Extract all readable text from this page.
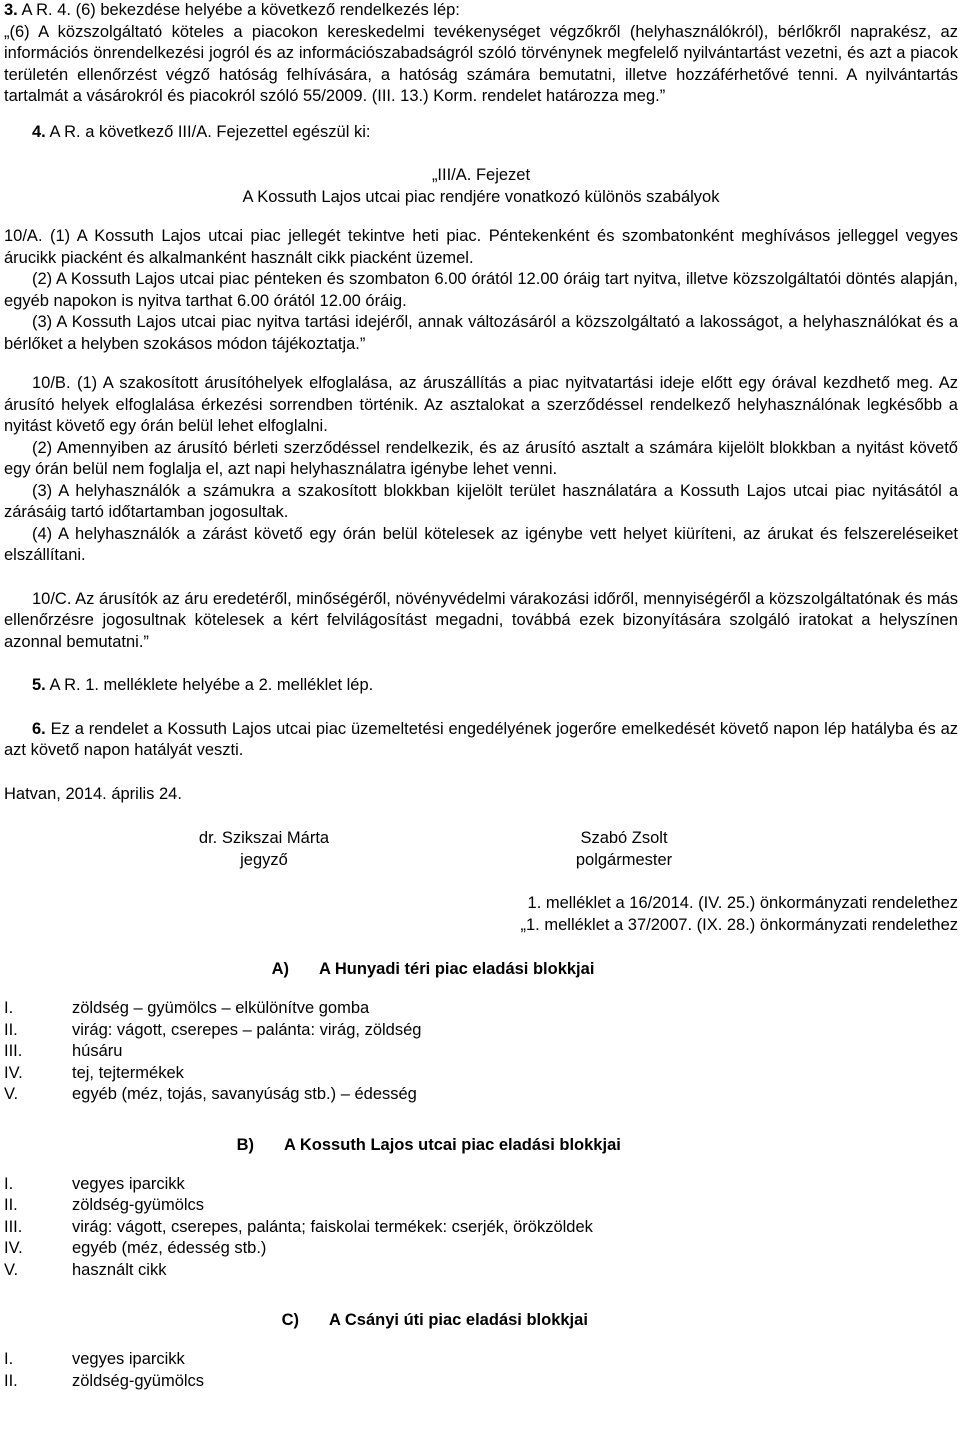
3. A R. 4. (6) bekezdése helyébe a következő rendelkezés lép:

„(6) A közszolgáltató köteles a piacokon kereskedelmi tevékenységet végzőkről (helyhasználókról), bérlőkről naprakész, az információs önrendelkezési jogról és az információszabadságról szóló törvénynek megfelelő nyilvántartást vezetni, és azt a piacok területén ellenőrzést végző hatóság felhívására, a hatóság számára bemutatni, illetve hozzáférhetővé tenni. A nyilvántartás tartalmát a vásárokról és piacokról szóló 55/2009. (III. 13.) Korm. rendelet határozza meg.”

4. A R. a következő III/A. Fejezettel egészül ki:

„III/A. Fejezet

A Kossuth Lajos utcai piac rendjére vonatkozó különös szabályok

10/A. (1) A Kossuth Lajos utcai piac jellegét tekintve heti piac. Péntekenként és szombatonként meghívásos jelleggel vegyes árucikk piacként és alkalmanként használt cikk piacként üzemel.

(2) A Kossuth Lajos utcai piac pénteken és szombaton 6.00 órától 12.00 óráig tart nyitva, illetve közszolgáltatói döntés alapján, egyéb napokon is nyitva tarthat 6.00 órától 12.00 óráig.

(3) A Kossuth Lajos utcai piac nyitva tartási idejéről, annak változásáról a közszolgáltató a lakosságot, a helyhasználókat és a bérlőket a helyben szokásos módon tájékoztatja.”

10/B. (1) A szakosított árusítóhelyek elfoglalása, az áruszállítás a piac nyitvatartási ideje előtt egy órával kezdhető meg. Az árusító helyek elfoglalása érkezési sorrendben történik. Az asztalokat a szerződéssel rendelkező helyhasználónak legkésőbb a nyitást követő egy órán belül lehet elfoglalni.

(2) Amennyiben az árusító bérleti szerződéssel rendelkezik, és az árusító asztalt a számára kijelölt blokkban a nyitást követő egy órán belül nem foglalja el, azt napi helyhasználatra igénybe lehet venni.

(3) A helyhasználók a számukra a szakosított blokkban kijelölt terület használatára a Kossuth Lajos utcai piac nyitásától a zárásáig tartó időtartamban jogosultak.

(4) A helyhasználók a zárást követő egy órán belül kötelesek az igénybe vett helyet kiüríteni, az árukat és felszereléseiket elszállítani.

10/C. Az árusítók az áru eredetéről, minőségéről, növényvédelmi várakozási időről, mennyiségéről a közszolgáltatónak és más ellenőrzésre jogosultnak kötelesek a kért felvilágosítást megadni, továbbá ezek bizonyítására szolgáló iratokat a helyszínen azonnal bemutatni.”

5. A R. 1. melléklete helyébe a 2. melléklet lép.

6. Ez a rendelet a Kossuth Lajos utcai piac üzemeltetési engedélyének jogerőre emelkedését követő napon lép hatályba és az azt követő napon hatályát veszti.

Hatvan, 2014. április 24.

dr. Szikszai Márta
jegyző
Szabó Zsolt
polgármester

1. melléklet a 16/2014. (IV. 25.) önkormányzati rendelethez

„1. melléklet a 37/2007. (IX. 28.) önkormányzati rendelethez

A) A Hunyadi téri piac eladási blokkjai
I.	zöldség – gyümölcs – elkülönítve gomba
II.	virág: vágott, cserepes – palánta: virág, zöldség
III.	húsáru
IV.	tej, tejtermékek
V.	egyéb (méz, tojás, savanyúság stb.) – édesség
B) A Kossuth Lajos utcai piac eladási blokkjai
I.	vegyes iparcikk
II.	zöldség-gyümölcs
III.	virág: vágott, cserepes, palánta; faiskolai termékek: cserjék, örökzöldek
IV.	egyéb (méz, édesség stb.)
V.	használt cikk
C) A Csányi úti piac eladási blokkjai
I.	vegyes iparcikk
II.	zöldség-gyümölcs
